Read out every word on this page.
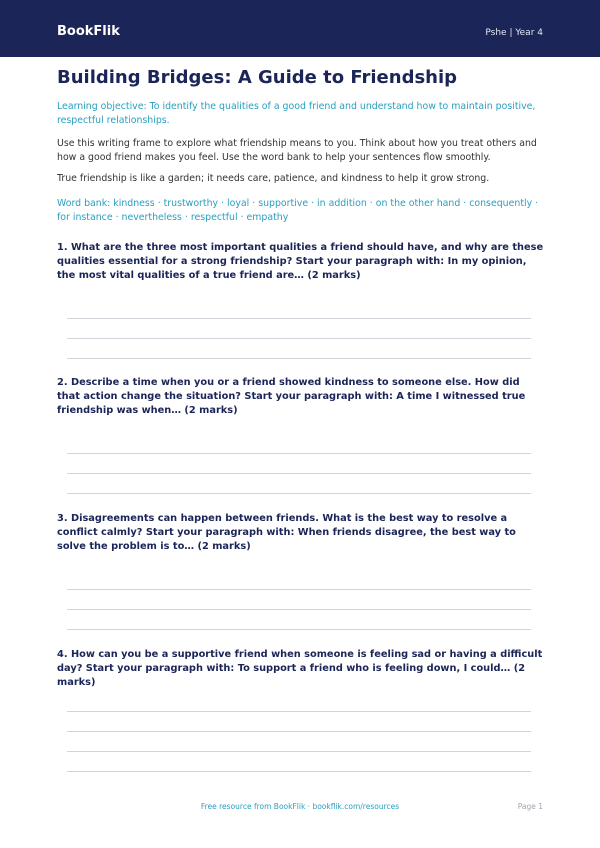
BookFlik	Pshe | Year 4
Building Bridges: A Guide to Friendship
Learning objective: To identify the qualities of a good friend and understand how to maintain positive, respectful relationships.
Use this writing frame to explore what friendship means to you. Think about how you treat others and how a good friend makes you feel. Use the word bank to help your sentences flow smoothly.
True friendship is like a garden; it needs care, patience, and kindness to help it grow strong.
Word bank: kindness · trustworthy · loyal · supportive · in addition · on the other hand · consequently · for instance · nevertheless · respectful · empathy
1. What are the three most important qualities a friend should have, and why are these qualities essential for a strong friendship? Start your paragraph with: In my opinion, the most vital qualities of a true friend are… (2 marks)
2. Describe a time when you or a friend showed kindness to someone else. How did that action change the situation? Start your paragraph with: A time I witnessed true friendship was when… (2 marks)
3. Disagreements can happen between friends. What is the best way to resolve a conflict calmly? Start your paragraph with: When friends disagree, the best way to solve the problem is to… (2 marks)
4. How can you be a supportive friend when someone is feeling sad or having a difficult day? Start your paragraph with: To support a friend who is feeling down, I could… (2 marks)
Free resource from BookFlik · bookflik.com/resources	Page 1
